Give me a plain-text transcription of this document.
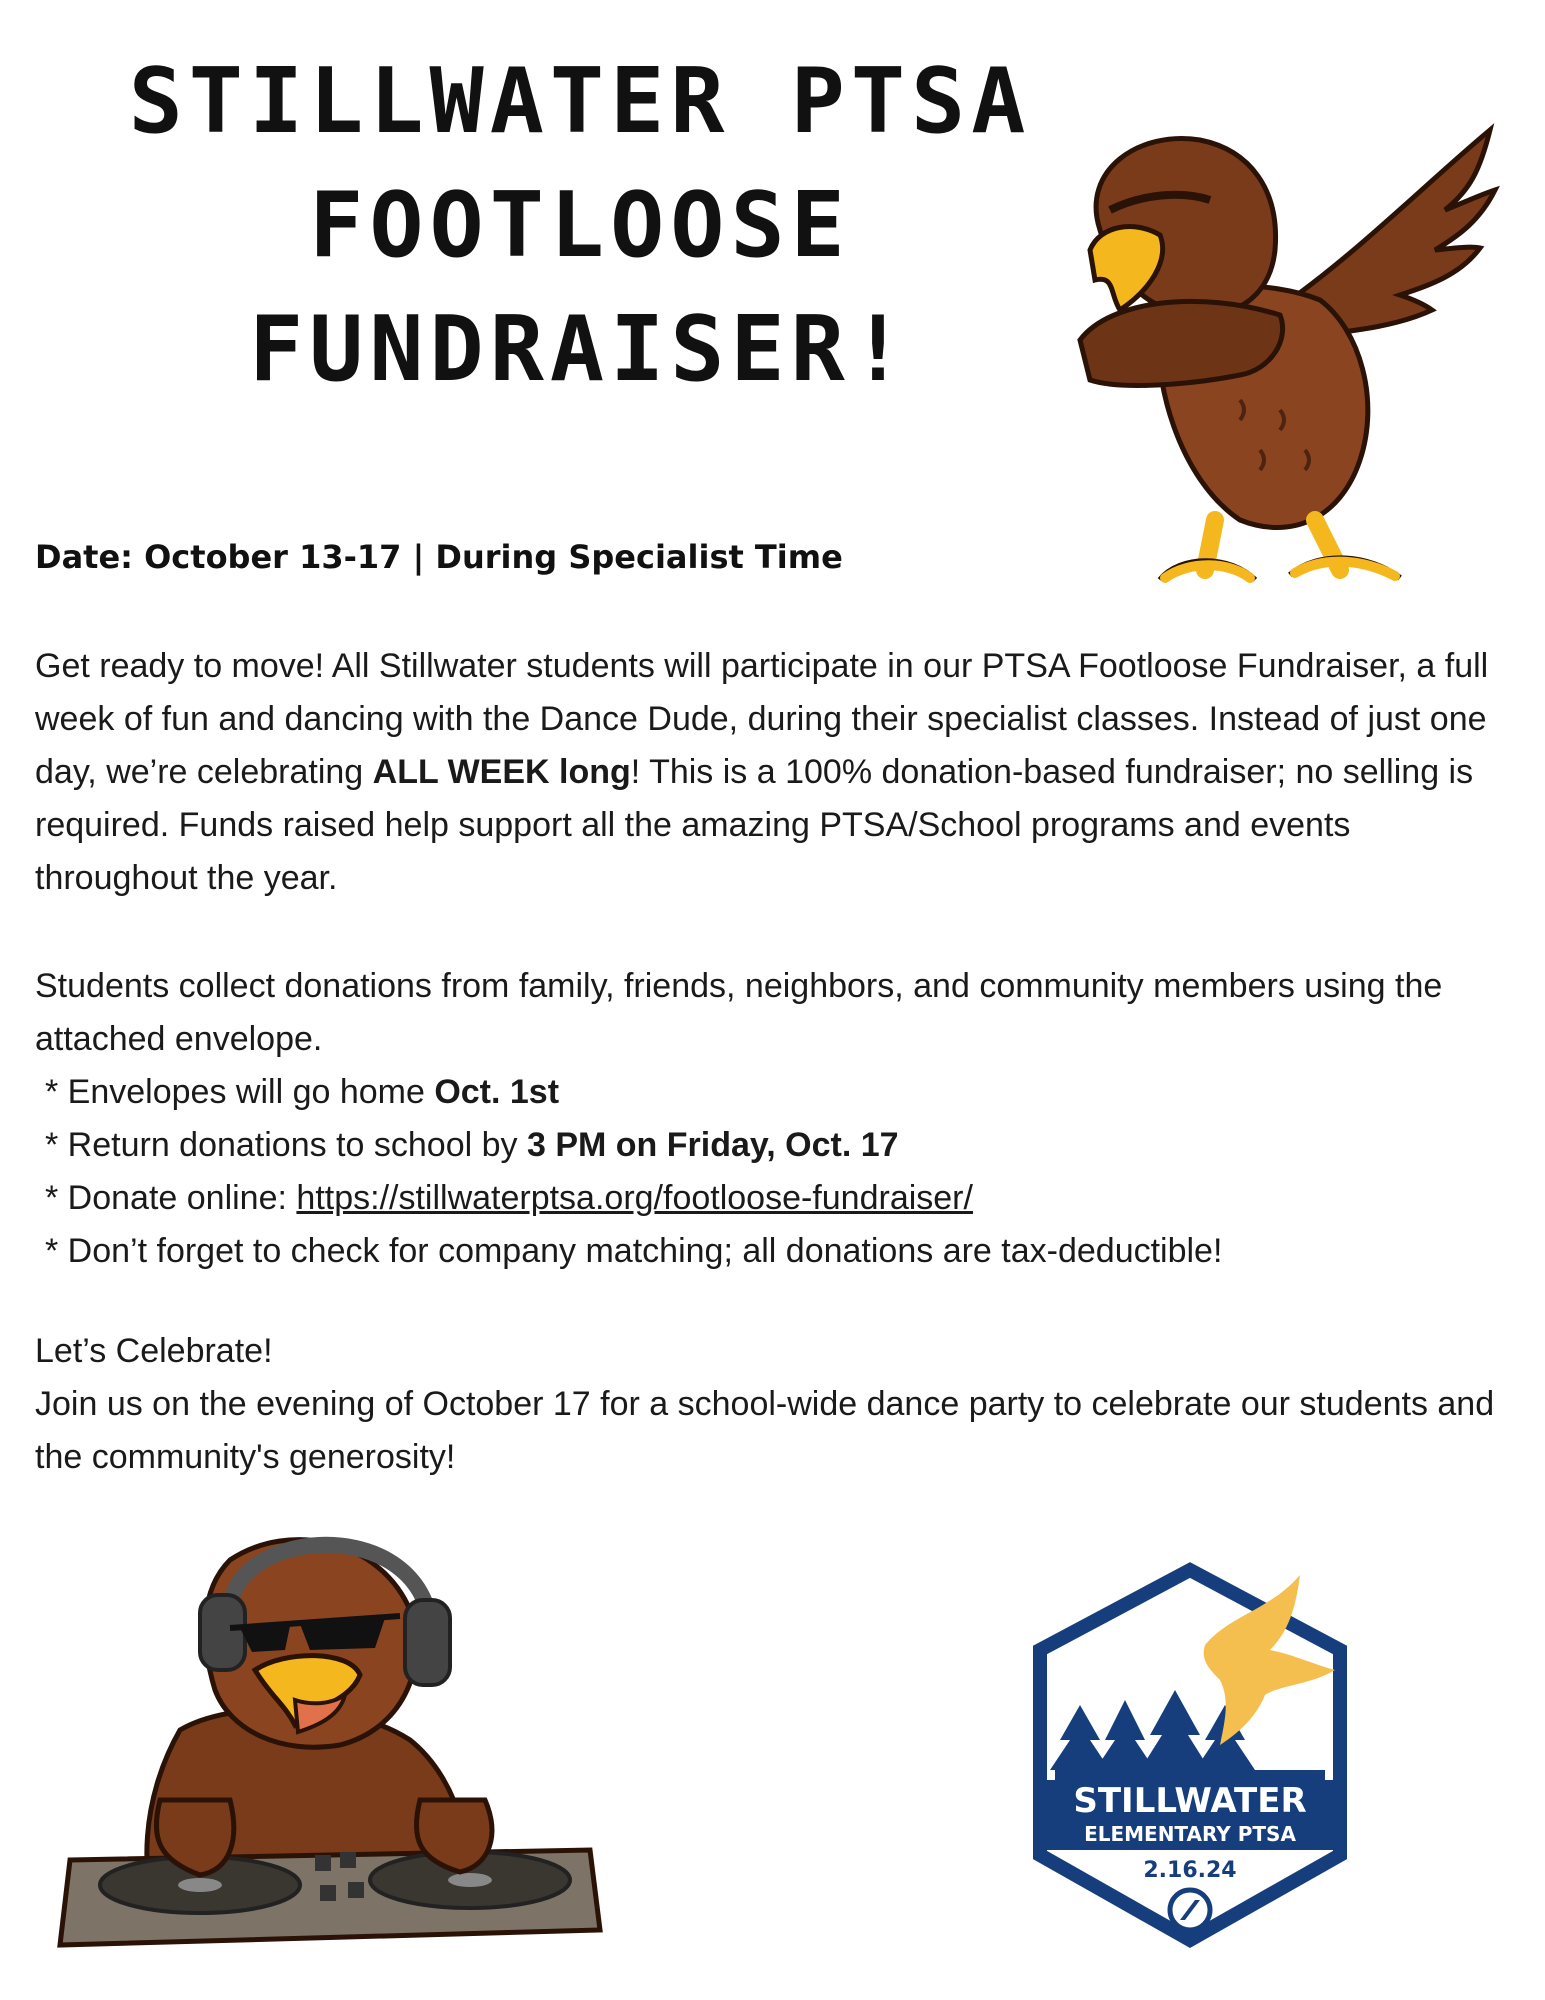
STILLWATER PTSA
FOOTLOOSE
FUNDRAISER!

Date: October 13-17 | During Specialist Time

Get ready to move! All Stillwater students will participate in our PTSA Footloose Fundraiser, a full week of fun and dancing with the Dance Dude, during their specialist classes. Instead of just one day, we’re celebrating ALL WEEK long! This is a 100% donation-based fundraiser; no selling is required. Funds raised help support all the amazing PTSA/School programs and events throughout the year.

Students collect donations from family, friends, neighbors, and community members using the attached envelope.

* Envelopes will go home Oct. 1st
* Return donations to school by 3 PM on Friday, Oct. 17
* Donate online: https://stillwaterptsa.org/footloose-fundraiser/
* Don’t forget to check for company matching; all donations are tax-deductible!

Let’s Celebrate!

Join us on the evening of October 17 for a school-wide dance party to celebrate our students and the community's generosity!

STILLWATER
ELEMENTARY PTSA
2.16.24
